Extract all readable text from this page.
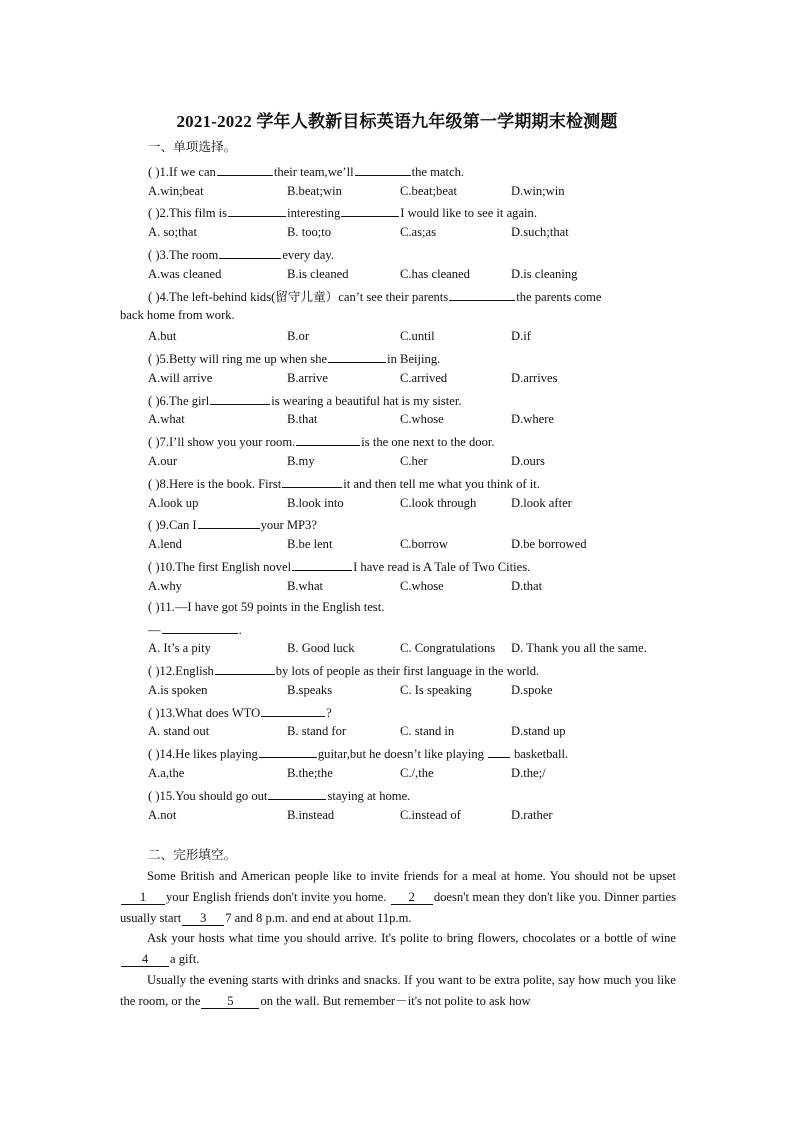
2021-2022 学年人教新目标英语九年级第一学期期末检测题
一、单项选择。
( )1.If we can	their team,we’ll	the match.
A.win;beat	B.beat;win	C.beat;beat	D.win;win
( )2.This film is	interesting	I would like to see it again.
A. so;that	B. too;to	C.as;as	D.such;that
( )3.The room	every day.
A.was cleaned	B.is cleaned	C.has cleaned	D.is cleaning
( )4.The left-behind kids(留守儿童）can’t see their parents	the parents come
back home from work.
A.but	B.or	C.until	D.if
( )5.Betty will ring me up when she	in Beijing.
A.will arrive	B.arrive	C.arrived	D.arrives
( )6.The girl	is wearing a beautiful hat is my sister.
A.what	B.that	C.whose	D.where
( )7.I’ll show you your room.	is the one next to the door.
A.our	B.my	C.her	D.ours
( )8.Here is the book. First	it and then tell me what you think of it.
A.look up	B.look into	C.look through	D.look after
( )9.Can I	your MP3?
A.lend	B.be lent	C.borrow	D.be borrowed
( )10.The first English novel	I have read is A Tale of Two Cities.
A.why	B.what	C.whose	D.that
( )11.—I have got 59 points in the English test.
—	.
A. It’s a pity	B. Good luck	C. Congratulations D. Thank you all the same.
( )12.English	by lots of people as their first language in the world.
A.is spoken	B.speaks	C. Is speaking	D.spoke
( )13.What does WTO	?
A. stand out	B. stand for	C. stand in	D.stand up
( )14.He likes playing	guitar,but he doesn’t like playing basketball.
A.a,the	B.the;the	C./,the	D.the;/
( )15.You should go out	staying at home.
A.not	B.instead	C.instead of	D.rather
二、完形填空。
Some British and American people like to invite friends for a meal at home. You should not be upset1 your English friends don't invite you home. 2 doesn't mean they don't like you. Dinner parties usually start 3 7 and 8 p.m. and end at about 11p.m.
Ask your hosts what time you should arrive. It's polite to bring flowers, chocolates or a bottle of wine4 a gift.
Usually the evening starts with drinks and snacks. If you want to be extra polite, say how much you like the room, or the 5 on the wall. But remember－it's not polite to ask how
